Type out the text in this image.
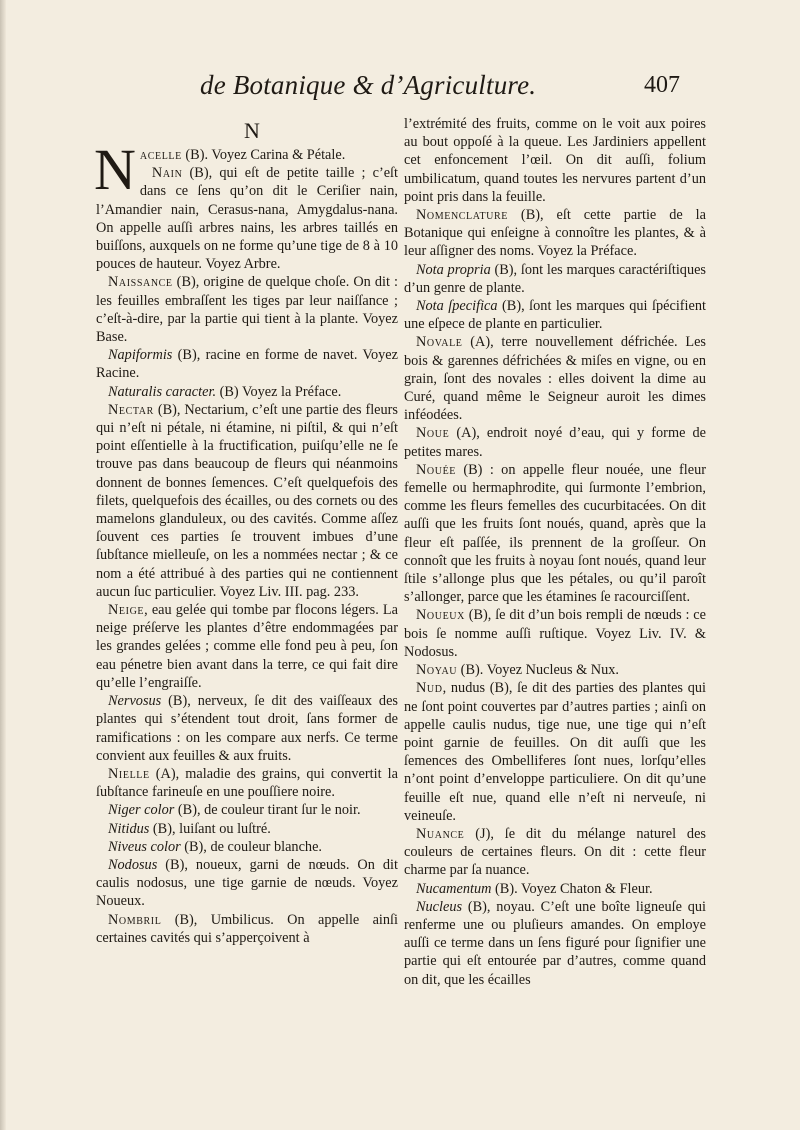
de Botanique & d’Agriculture.	407
N

Nacelle (B). Voyez Carina & Pétale.

Nain (B), qui eſt de petite taille ; c’eſt dans ce ſens qu’on dit le Ceriſier nain, l’Amandier nain, Cerasus-nana, Amygdalus-nana. On appelle auſſi arbres nains, les arbres taillés en buiſſons, auxquels on ne forme qu’une tige de 8 à 10 pouces de hauteur. Voyez Arbre.

Naissance (B), origine de quelque choſe. On dit : les feuilles embraſſent les tiges par leur naiſſance ; c’eſt-à-dire, par la partie qui tient à la plante. Voyez Base.

Napiformis (B), racine en forme de navet. Voyez Racine.

Naturalis caracter. (B) Voyez la Préface.

Nectar (B), Nectarium, c’eſt une partie des fleurs qui n’eſt ni pétale, ni étamine, ni piſtil, & qui n’eſt point eſſentielle à la fructification, puiſqu’elle ne ſe trouve pas dans beaucoup de fleurs qui néanmoins donnent de bonnes ſemences. C’eſt quelquefois des filets, quelquefois des écailles, ou des cornets ou des mamelons glanduleux, ou des cavités. Comme aſſez ſouvent ces parties ſe trouvent imbues d’une ſubſtance mielleuſe, on les a nommées nectar ; & ce nom a été attribué à des parties qui ne contiennent aucun ſuc particulier. Voyez Liv. III. pag. 233.

Neige, eau gelée qui tombe par flocons légers. La neige préſerve les plantes d’être endommagées par les grandes gelées ; comme elle fond peu à peu, ſon eau pénetre bien avant dans la terre, ce qui fait dire qu’elle l’engraiſſe.

Nervosus (B), nerveux, ſe dit des vaiſſeaux des plantes qui s’étendent tout droit, ſans former de ramifications : on les compare aux nerfs. Ce terme convient aux feuilles & aux fruits.

Nielle (A), maladie des grains, qui convertit la ſubſtance farineuſe en une pouſſiere noire.

Niger color (B), de couleur tirant ſur le noir.

Nitidus (B), luiſant ou luſtré.

Niveus color (B), de couleur blanche.

Nodosus (B), noueux, garni de nœuds. On dit caulis nodosus, une tige garnie de nœuds. Voyez Noueux.

Nombril (B), Umbilicus. On appelle ainſi certaines cavités qui s’apperçoivent à

l’extrémité des fruits, comme on le voit aux poires au bout oppoſé à la queue. Les Jardiniers appellent cet enfoncement l’œil. On dit auſſi, folium umbilicatum, quand toutes les nervures partent d’un point pris dans la feuille.

Nomenclature (B), eſt cette partie de la Botanique qui enſeigne à connoître les plantes, & à leur aſſigner des noms. Voyez la Préface.

Nota propria (B), ſont les marques caractériſtiques d’un genre de plante.

Nota ſpecifica (B), ſont les marques qui ſpécifient une eſpece de plante en particulier.

Novale (A), terre nouvellement défrichée. Les bois & garennes défrichées & miſes en vigne, ou en grain, ſont des novales : elles doivent la dime au Curé, quand même le Seigneur auroit les dimes inféodées.

Noue (A), endroit noyé d’eau, qui y forme de petites mares.

Nouée (B) : on appelle fleur nouée, une fleur femelle ou hermaphrodite, qui ſurmonte l’embrion, comme les fleurs femelles des cucurbitacées. On dit auſſi que les fruits ſont noués, quand, après que la fleur eſt paſſée, ils prennent de la groſſeur. On connoît que les fruits à noyau ſont noués, quand leur ſtile s’allonge plus que les pétales, ou qu’il paroît s’allonger, parce que les étamines ſe racourciſſent.

Noueux (B), ſe dit d’un bois rempli de nœuds : ce bois ſe nomme auſſi ruſtique. Voyez Liv. IV. & Nodosus.

Noyau (B). Voyez Nucleus & Nux.

Nud, nudus (B), ſe dit des parties des plantes qui ne ſont point couvertes par d’autres parties ; ainſi on appelle caulis nudus, tige nue, une tige qui n’eſt point garnie de feuilles. On dit auſſi que les ſemences des Ombelliferes ſont nues, lorſqu’elles n’ont point d’enveloppe particuliere. On dit qu’une feuille eſt nue, quand elle n’eſt ni nerveuſe, ni veineuſe.

Nuance (J), ſe dit du mélange naturel des couleurs de certaines fleurs. On dit : cette fleur charme par ſa nuance.

Nucamentum (B). Voyez Chaton & Fleur.

Nucleus (B), noyau. C’eſt une boîte ligneuſe qui renferme une ou pluſieurs amandes. On employe auſſi ce terme dans un ſens figuré pour ſignifier une partie qui eſt entourée par d’autres, comme quand on dit, que les écailles
